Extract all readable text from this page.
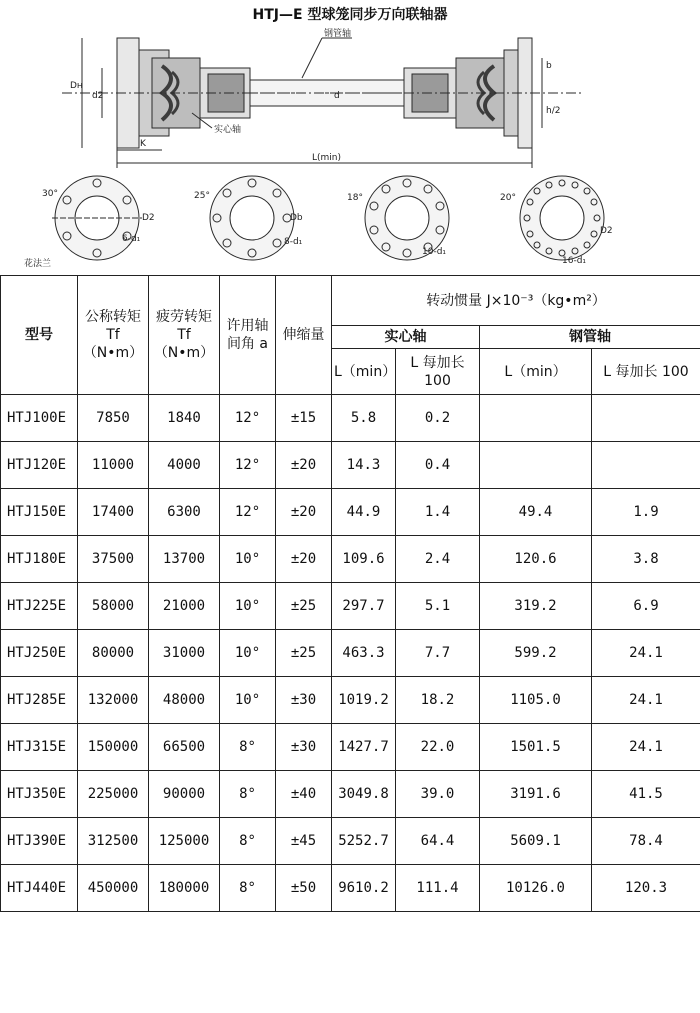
HTJ—E 型球笼同步万向联轴器
钢管轴
实心轴
L(min)
K
Dн
d2	d
b
h/2
30°	25°	18°	20°
D2	Db
D2
6-d₁	8-d₁
10-d₁
16-d₁
花法兰
型号	公称转矩 Tf（N•m）	疲劳转矩 Tf（N•m）	许用轴间角 a	伸缩量	转动惯量 J×10⁻³（kg•m²）			
					实心轴		钢管轴	
					L（min）	L 每加长 100	L（min）	L 每加长 100
HTJ100E	7850	1840	12°	±15	5.8	0.2		
HTJ120E	11000	4000	12°	±20	14.3	0.4		
HTJ150E	17400	6300	12°	±20	44.9	1.4	49.4	1.9
HTJ180E	37500	13700	10°	±20	109.6	2.4	120.6	3.8
HTJ225E	58000	21000	10°	±25	297.7	5.1	319.2	6.9
HTJ250E	80000	31000	10°	±25	463.3	7.7	599.2	24.1
HTJ285E	132000	48000	10°	±30	1019.2	18.2	1105.0	24.1
HTJ315E	150000	66500	8°	±30	1427.7	22.0	1501.5	24.1
HTJ350E	225000	90000	8°	±40	3049.8	39.0	3191.6	41.5
HTJ390E	312500	125000	8°	±45	5252.7	64.4	5609.1	78.4
HTJ440E	450000	180000	8°	±50	9610.2	111.4	10126.0	120.3
